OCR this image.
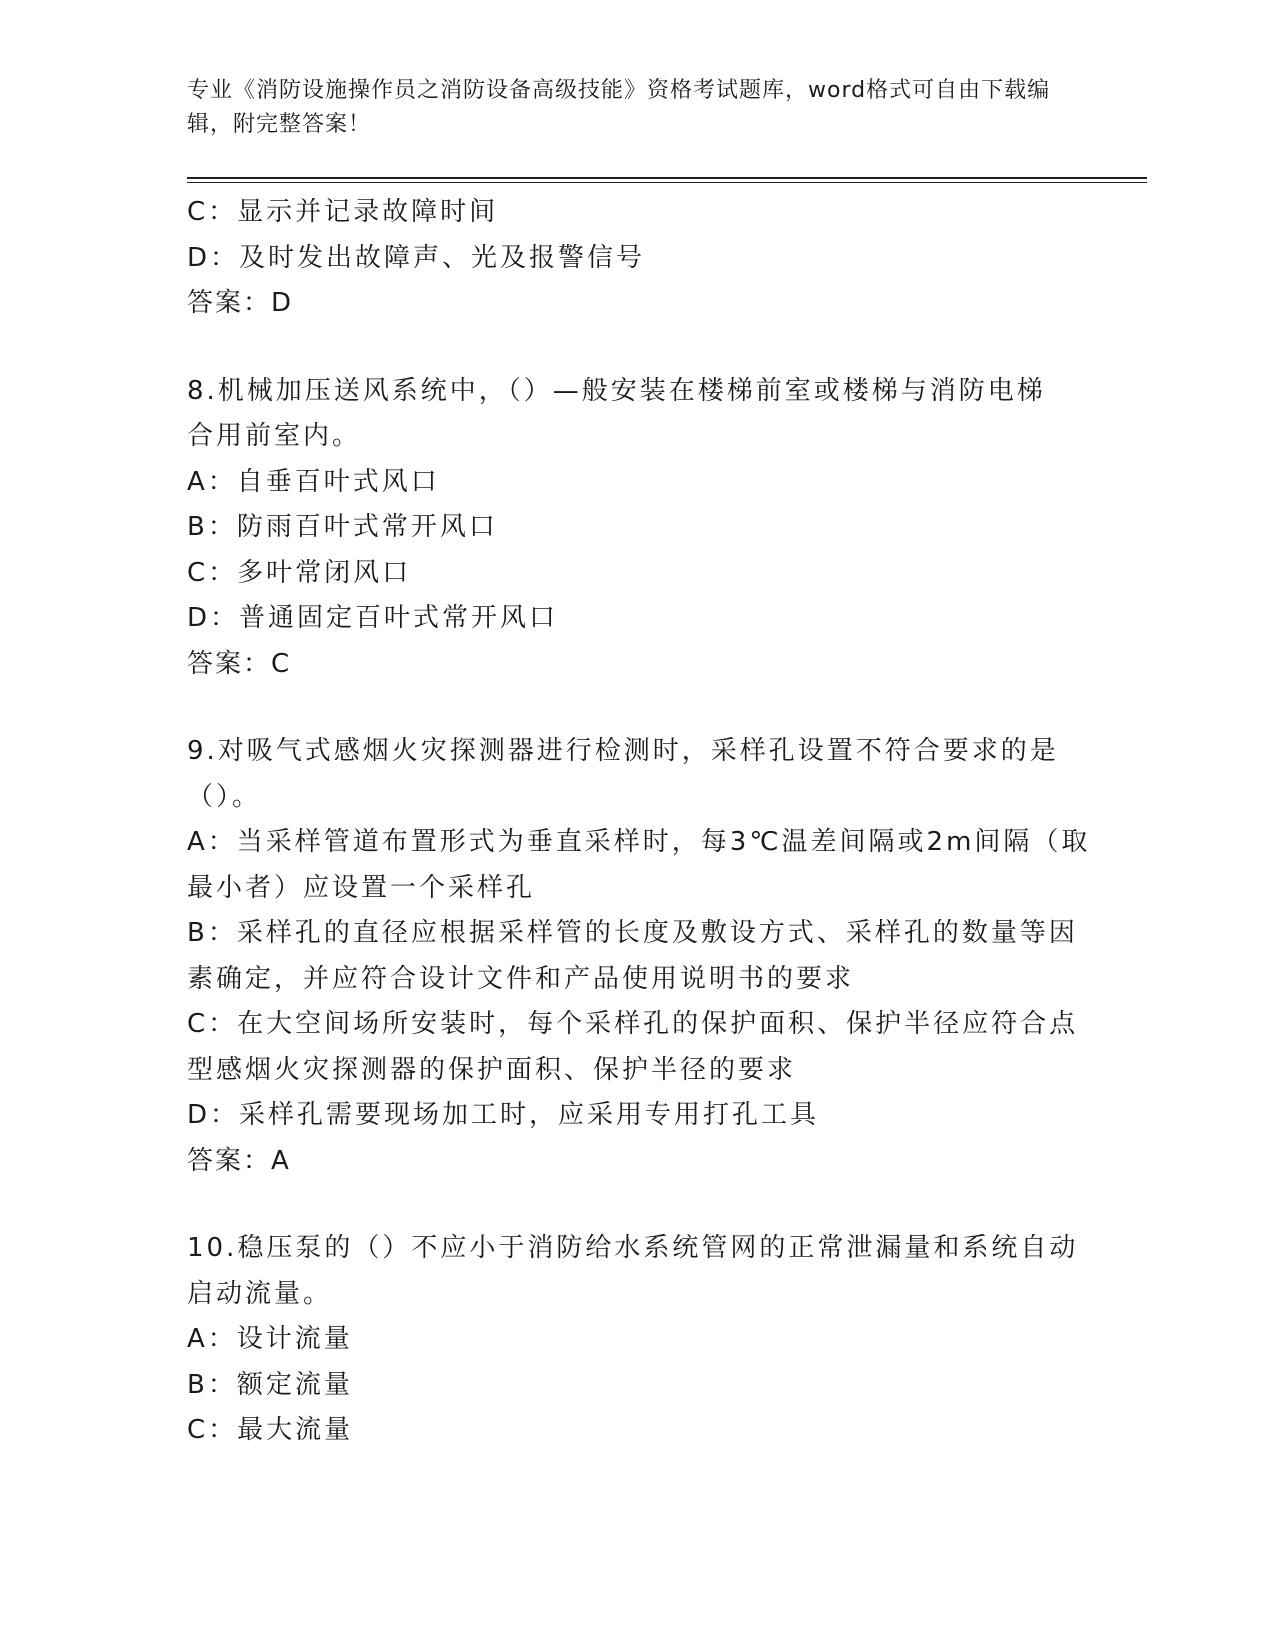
专业《消防设施操作员之消防设备高级技能》资格考试题库，word格式可自由下载编辑，附完整答案！

C：显示并记录故障时间

D：及时发出故障声、光及报警信号

答案：D

8.机械加压送风系统中，（）—般安装在楼梯前室或楼梯与消防电梯

合用前室内。

A：自垂百叶式风口

B：防雨百叶式常开风口

C：多叶常闭风口

D：普通固定百叶式常开风口

答案：C

9.对吸气式感烟火灾探测器进行检测时，采样孔设置不符合要求的是

（）。

A：当采样管道布置形式为垂直采样时，每3℃温差间隔或2m间隔（取

最小者）应设置一个采样孔

B：采样孔的直径应根据采样管的长度及敷设方式、采样孔的数量等因

素确定，并应符合设计文件和产品使用说明书的要求

C：在大空间场所安装时，每个采样孔的保护面积、保护半径应符合点

型感烟火灾探测器的保护面积、保护半径的要求

D：采样孔需要现场加工时，应采用专用打孔工具

答案：A

10.稳压泵的（）不应小于消防给水系统管网的正常泄漏量和系统自动

启动流量。

A：设计流量

B：额定流量

C：最大流量
